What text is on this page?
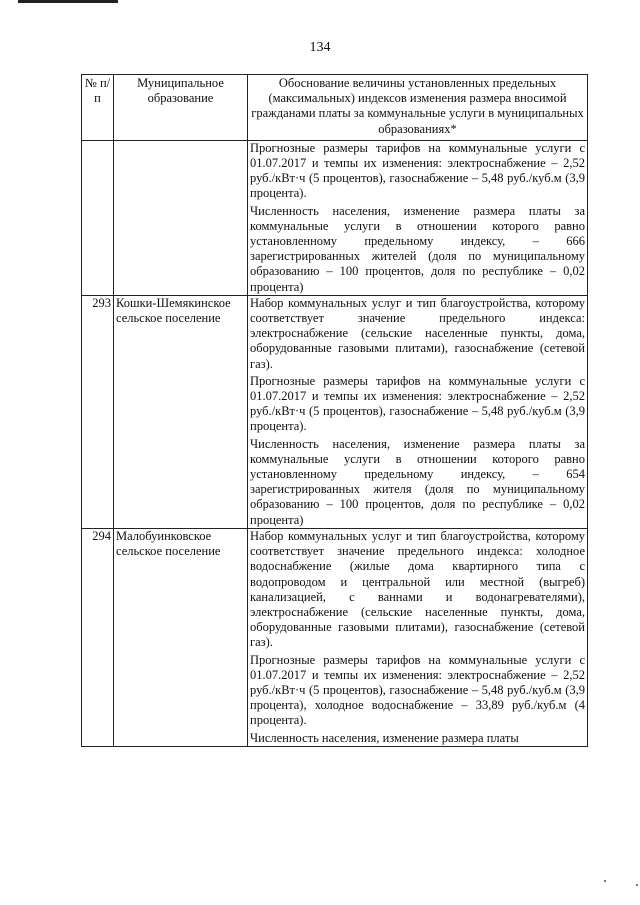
134
№ п/п	Муниципальное образование	Обоснование величины установленных предельных (максимальных) индексов изменения размера вносимой гражданами платы за коммунальные услуги в муниципальных образованиях*

		Прогнозные размеры тарифов на коммунальные услуги с 01.07.2017 и темпы их изменения: электроснабжение – 2,52 руб./кВт·ч (5 процентов), газоснабжение – 5,48 руб./куб.м (3,9 процента).

Численность населения, изменение размера платы за коммунальные услуги в отношении которого равно установленному предельному индексу, – 666 зарегистрированных жителей (доля по муниципальному образованию – 100 процентов, доля по республике – 0,02 процента)

293	Кошки-Шемякинское сельское поселение	Набор коммунальных услуг и тип благоустройства, которому соответствует значение предельного индекса: электроснабжение (сельские населенные пункты, дома, оборудованные газовыми плитами), газоснабжение (сетевой газ).

Прогнозные размеры тарифов на коммунальные услуги с 01.07.2017 и темпы их изменения: электроснабжение – 2,52 руб./кВт·ч (5 процентов), газоснабжение – 5,48 руб./куб.м (3,9 процента).

Численность населения, изменение размера платы за коммунальные услуги в отношении которого равно установленному предельному индексу, – 654 зарегистрированных жителя (доля по муниципальному образованию – 100 процентов, доля по республике – 0,02 процента)

294	Малобуинковское сельское поселение	Набор коммунальных услуг и тип благоустройства, которому соответствует значение предельного индекса: холодное водоснабжение (жилые дома квартирного типа с водопроводом и центральной или местной (выгреб) канализацией, с ваннами и водонагревателями), электроснабжение (сельские населенные пункты, дома, оборудованные газовыми плитами), газоснабжение (сетевой газ).

Прогнозные размеры тарифов на коммунальные услуги с 01.07.2017 и темпы их изменения: электроснабжение – 2,52 руб./кВт·ч (5 процентов), газоснабжение – 5,48 руб./куб.м (3,9 процента), холодное водоснабжение – 33,89 руб./куб.м (4 процента).

Численность населения, изменение размера платы
